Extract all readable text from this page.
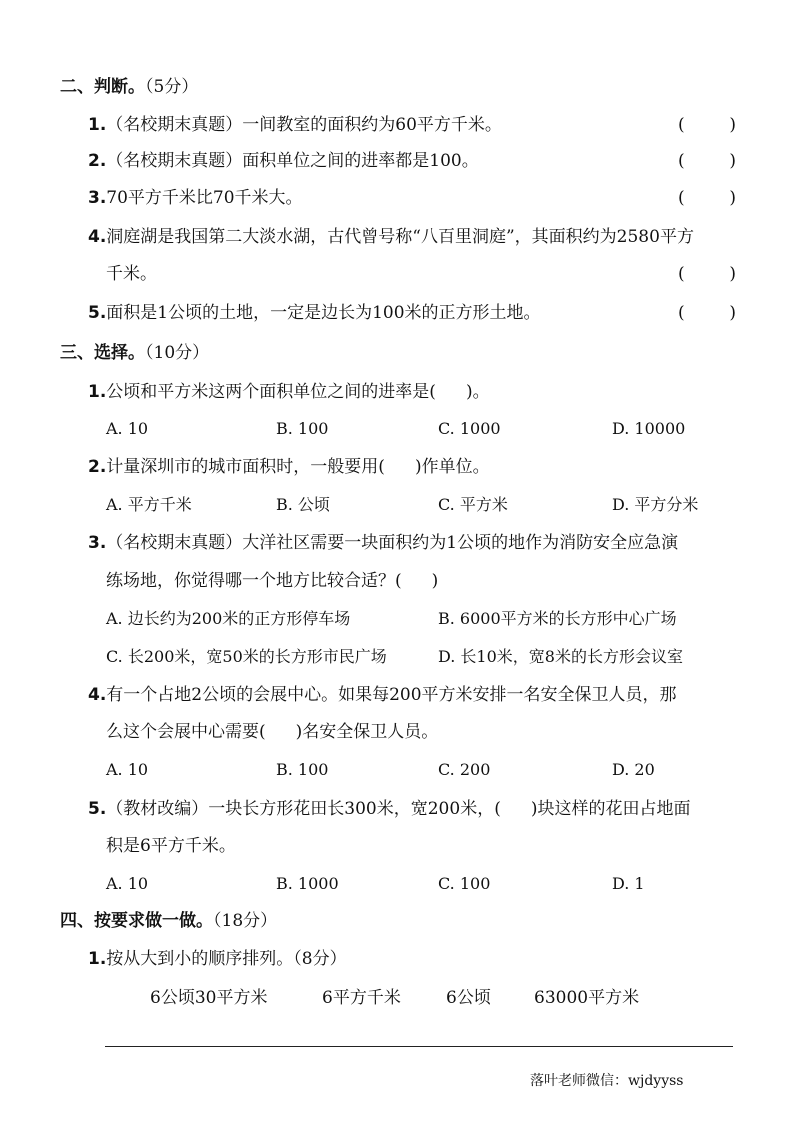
二、判断。（5分）
1.（名校期末真题）一间教室的面积约为60平方千米。	(	)
2.（名校期末真题）面积单位之间的进率都是100。	(	)
3.70平方千米比70千米大。	(	)
4.洞庭湖是我国第二大淡水湖，古代曾号称“八百里洞庭”，其面积约为2580平方
千米。	(	)
5.面积是1公顷的土地，一定是边长为100米的正方形土地。	(	)
三、选择。（10分）
1.公顷和平方米这两个面积单位之间的进率是( )。
A. 10	B. 100	C. 1000	D. 10000
2.计量深圳市的城市面积时，一般要用( )作单位。
A. 平方千米	B. 公顷	C. 平方米	D. 平方分米
3.（名校期末真题）大洋社区需要一块面积约为1公顷的地作为消防安全应急演
练场地，你觉得哪一个地方比较合适？( )
A. 边长约为200米的正方形停车场	B. 6000平方米的长方形中心广场
C. 长200米，宽50米的长方形市民广场	D. 长10米，宽8米的长方形会议室
4.有一个占地2公顷的会展中心。如果每200平方米安排一名安全保卫人员，那
么这个会展中心需要( )名安全保卫人员。
A. 10	B. 100	C. 200	D. 20
5.（教材改编）一块长方形花田长300米，宽200米，( )块这样的花田占地面
积是6平方千米。
A. 10	B. 1000	C. 100	D. 1
四、按要求做一做。（18分）
1.按从大到小的顺序排列。（8分）
6公顷30平方米	6平方千米	6公顷	63000平方米
落叶老师微信：wjdyyss
